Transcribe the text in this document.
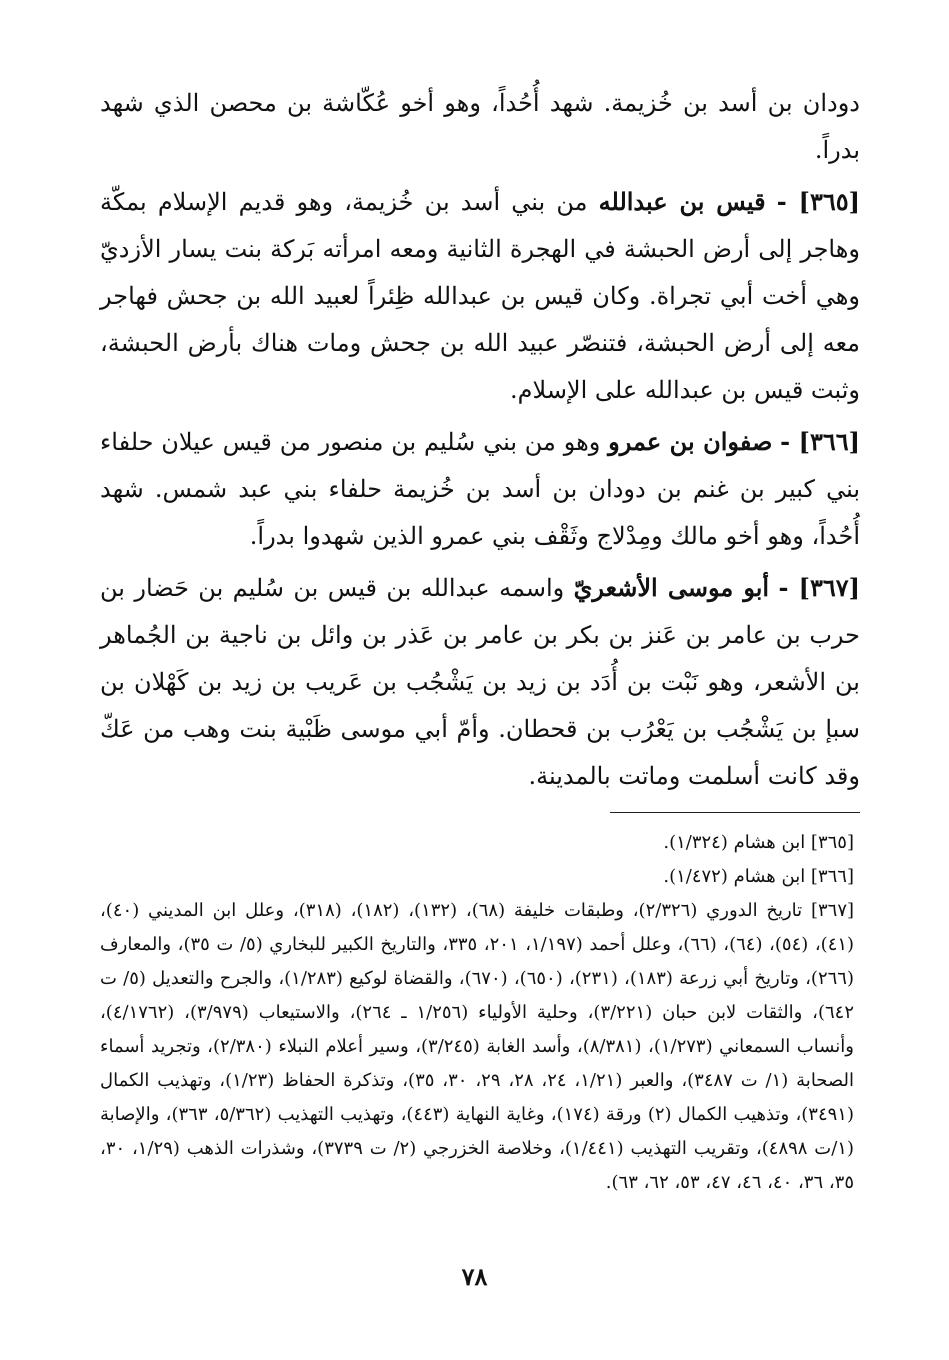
دودان بن أسد بن خُزيمة. شهد أُحُداً، وهو أخو عُكّاشة بن محصن الذي شهد بدراً.

[٣٦٥] - قيس بن عبدالله من بني أسد بن خُزيمة، وهو قديم الإسلام بمكّة وهاجر إلى أرض الحبشة في الهجرة الثانية ومعه امرأته بَركة بنت يسار الأزديّ وهي أخت أبي تجراة. وكان قيس بن عبدالله ظِئراً لعبيد الله بن جحش فهاجر معه إلى أرض الحبشة، فتنصّر عبيد الله بن جحش ومات هناك بأرض الحبشة، وثبت قيس بن عبدالله على الإسلام.

[٣٦٦] - صفوان بن عمرو وهو من بني سُليم بن منصور من قيس عيلان حلفاء بني كبير بن غنم بن دودان بن أسد بن خُزيمة حلفاء بني عبد شمس. شهد أُحُداً، وهو أخو مالك ومِدْلاج وثَقْف بني عمرو الذين شهدوا بدراً.

[٣٦٧] - أبو موسى الأشعريّ واسمه عبدالله بن قيس بن سُليم بن حَضار بن حرب بن عامر بن عَنز بن بكر بن عامر بن عَذر بن وائل بن ناجية بن الجُماهر بن الأشعر، وهو نَبْت بن أُدَد بن زيد بن يَشْجُب بن عَريب بن زيد بن كَهْلان بن سبإ بن يَشْجُب بن يَعْرُب بن قحطان. وأمّ أبي موسى ظَبْية بنت وهب من عَكّ وقد كانت أسلمت وماتت بالمدينة.

[٣٦٥] ابن هشام (١/٣٢٤).

[٣٦٦] ابن هشام (١/٤٧٢).

[٣٦٧] تاريخ الدوري (٢/٣٢٦)، وطبقات خليفة (٦٨)، (١٣٢)، (١٨٢)، (٣١٨)، وعلل ابن المديني (٤٠)، (٤١)، (٥٤)، (٦٤)، (٦٦)، وعلل أحمد (١/١٩٧، ٢٠١، ٣٣٥، والتاريخ الكبير للبخاري (٥/ ت ٣٥)، والمعارف (٢٦٦)، وتاريخ أبي زرعة (١٨٣)، (٢٣١)، (٦٥٠)، (٦٧٠)، والقضاة لوكيع (١/٢٨٣)، والجرح والتعديل (٥/ ت ٦٤٢)، والثقات لابن حبان (٣/٢٢١)، وحلية الأولياء (١/٢٥٦ ـ ٢٦٤)، والاستيعاب (٣/٩٧٩)، (٤/١٧٦٢)، وأنساب السمعاني (١/٢٧٣)، (٨/٣٨١)، وأسد الغابة (٣/٢٤٥)، وسير أعلام النبلاء (٢/٣٨٠)، وتجريد أسماء الصحابة (١/ ت ٣٤٨٧)، والعبر (١/٢١، ٢٤، ٢٨، ٢٩، ٣٠، ٣٥)، وتذكرة الحفاظ (١/٢٣)، وتهذيب الكمال (٣٤٩١)، وتذهيب الكمال (٢) ورقة (١٧٤)، وغاية النهاية (٤٤٣)، وتهذيب التهذيب (٥/٣٦٢، ٣٦٣)، والإصابة (١/ت ٤٨٩٨)، وتقريب التهذيب (١/٤٤١)، وخلاصة الخزرجي (٢/ ت ٣٧٣٩)، وشذرات الذهب (١/٢٩، ٣٠، ٣٥، ٣٦، ٤٠، ٤٦، ٤٧، ٥٣، ٦٢، ٦٣).

٧٨
